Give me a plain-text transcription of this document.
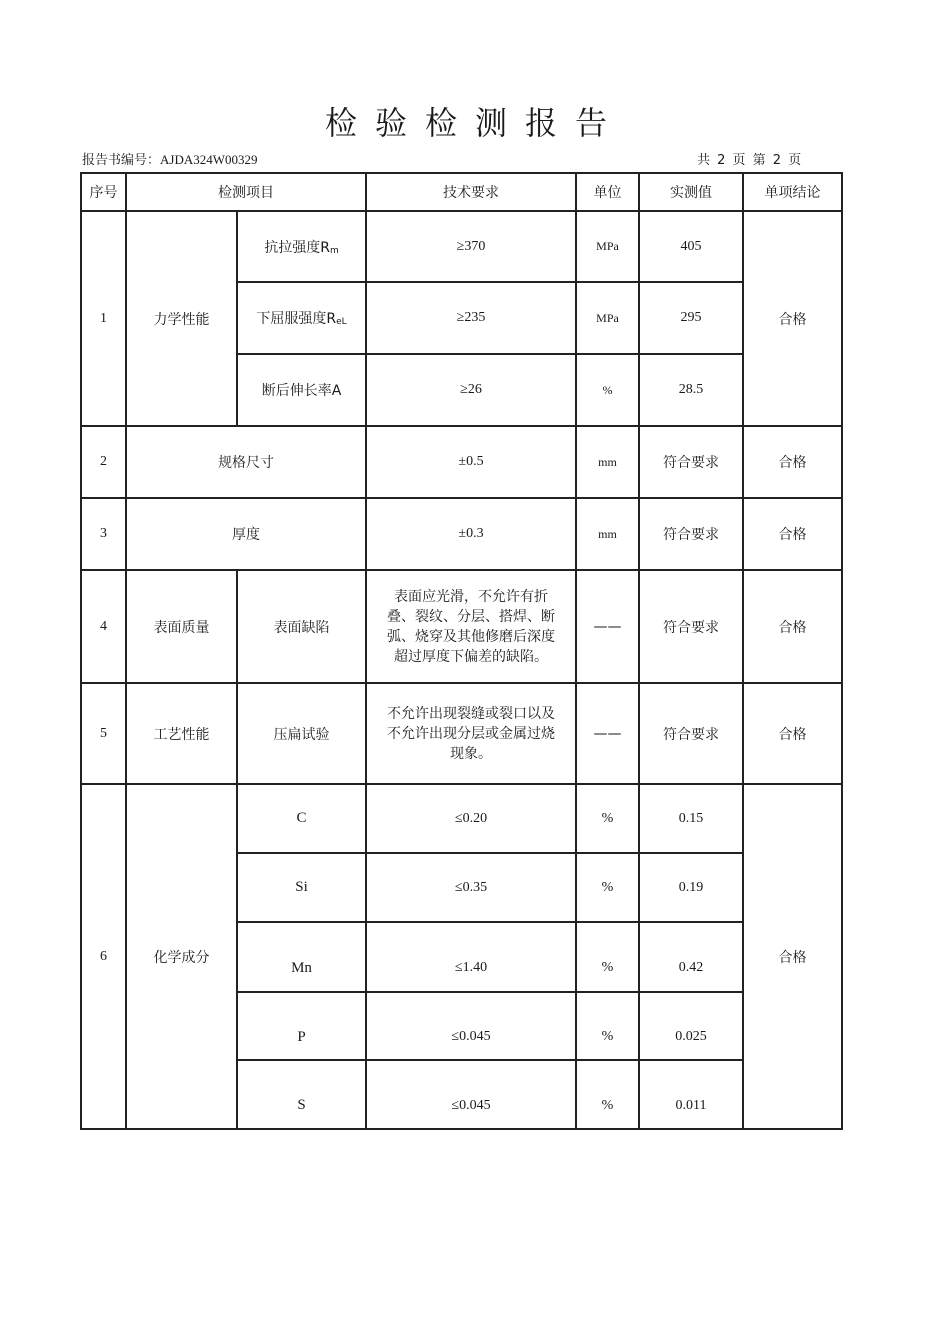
检验检测报告
报告书编号：AJDA324W00329	共 2 页 第 2 页
序号	检测项目		技术要求	单位	实测值	单项结论
1	力学性能	抗拉强度$R_m$	≥370	MPa	405	合格
		下屈服强度$R_{eL}$	≥235	MPa	295	
		断后伸长率A	≥26	%	28.5	
2	规格尺寸		±0.5	mm	符合要求	合格
3	厚度		±0.3	mm	符合要求	合格
4	表面质量	表面缺陷	表面应光滑，不允许有折叠、裂纹、分层、搭焊、断弧、烧穿及其他修磨后深度超过厚度下偏差的缺陷。	——	符合要求	合格
5	工艺性能	压扁试验	不允许出现裂缝或裂口以及不允许出现分层或金属过烧现象。	——	符合要求	合格
6	化学成分	C	≤0.20	%	0.15	合格
		Si	≤0.35	%	0.19	
		Mn	≤1.40	%	0.42	
		P	≤0.045	%	0.025	
		S	≤0.045	%	0.011	
